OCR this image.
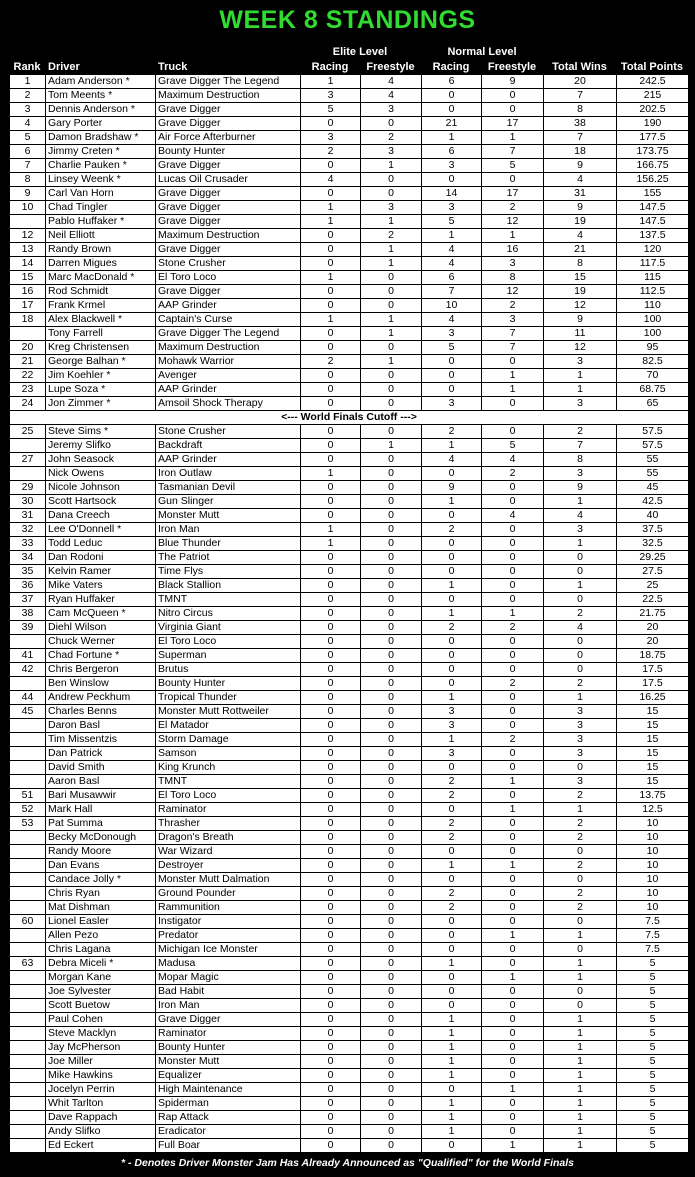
WEEK 8 STANDINGS
Elite Level	Normal Level
Rank Driver	Truck	Racing	Freestyle	Racing	Freestyle	Total Wins	Total Points
1	Adam Anderson *	Grave Digger The Legend	1	4	6	9	20	242.5
2	Tom Meents *	Maximum Destruction	3	4	0	0	7	215
3	Dennis Anderson *	Grave Digger	5	3	0	0	8	202.5
4	Gary Porter	Grave Digger	0	0	21	17	38	190
5	Damon Bradshaw *	Air Force Afterburner	3	2	1	1	7	177.5
6	Jimmy Creten *	Bounty Hunter	2	3	6	7	18	173.75
7	Charlie Pauken *	Grave Digger	0	1	3	5	9	166.75
8	Linsey Weenk *	Lucas Oil Crusader	4	0	0	0	4	156.25
9	Carl Van Horn	Grave Digger	0	0	14	17	31	155
10	Chad Tingler	Grave Digger	1	3	3	2	9	147.5
	Pablo Huffaker *	Grave Digger	1	1	5	12	19	147.5
12	Neil Elliott	Maximum Destruction	0	2	1	1	4	137.5
13	Randy Brown	Grave Digger	0	1	4	16	21	120
14	Darren Migues	Stone Crusher	0	1	4	3	8	117.5
15	Marc MacDonald *	El Toro Loco	1	0	6	8	15	115
16	Rod Schmidt	Grave Digger	0	0	7	12	19	112.5
17	Frank Krmel	AAP Grinder	0	0	10	2	12	110
18	Alex Blackwell *	Captain's Curse	1	1	4	3	9	100
	Tony Farrell	Grave Digger The Legend	0	1	3	7	11	100
20	Kreg Christensen	Maximum Destruction	0	0	5	7	12	95
21	George Balhan *	Mohawk Warrior	2	1	0	0	3	82.5
22	Jim Koehler *	Avenger	0	0	0	1	1	70
23	Lupe Soza *	AAP Grinder	0	0	0	1	1	68.75
24	Jon Zimmer *	Amsoil Shock Therapy	0	0	3	0	3	65
<--- World Finals Cutoff --->								
25	Steve Sims *	Stone Crusher	0	0	2	0	2	57.5
	Jeremy Slifko	Backdraft	0	1	1	5	7	57.5
27	John Seasock	AAP Grinder	0	0	4	4	8	55
	Nick Owens	Iron Outlaw	1	0	0	2	3	55
29	Nicole Johnson	Tasmanian Devil	0	0	9	0	9	45
30	Scott Hartsock	Gun Slinger	0	0	1	0	1	42.5
31	Dana Creech	Monster Mutt	0	0	0	4	4	40
32	Lee O'Donnell *	Iron Man	1	0	2	0	3	37.5
33	Todd Leduc	Blue Thunder	1	0	0	0	1	32.5
34	Dan Rodoni	The Patriot	0	0	0	0	0	29.25
35	Kelvin Ramer	Time Flys	0	0	0	0	0	27.5
36	Mike Vaters	Black Stallion	0	0	1	0	1	25
37	Ryan Huffaker	TMNT	0	0	0	0	0	22.5
38	Cam McQueen *	Nitro Circus	0	0	1	1	2	21.75
39	Diehl Wilson	Virginia Giant	0	0	2	2	4	20
	Chuck Werner	El Toro Loco	0	0	0	0	0	20
41	Chad Fortune *	Superman	0	0	0	0	0	18.75
42	Chris Bergeron	Brutus	0	0	0	0	0	17.5
	Ben Winslow	Bounty Hunter	0	0	0	2	2	17.5
44	Andrew Peckhum	Tropical Thunder	0	0	1	0	1	16.25
45	Charles Benns	Monster Mutt Rottweiler	0	0	3	0	3	15
	Daron Basl	El Matador	0	0	3	0	3	15
	Tim Missentzis	Storm Damage	0	0	1	2	3	15
	Dan Patrick	Samson	0	0	3	0	3	15
	David Smith	King Krunch	0	0	0	0	0	15
	Aaron Basl	TMNT	0	0	2	1	3	15
51	Bari Musawwir	El Toro Loco	0	0	2	0	2	13.75
52	Mark Hall	Raminator	0	0	0	1	1	12.5
53	Pat Summa	Thrasher	0	0	2	0	2	10
	Becky McDonough	Dragon's Breath	0	0	2	0	2	10
	Randy Moore	War Wizard	0	0	0	0	0	10
	Dan Evans	Destroyer	0	0	1	1	2	10
	Candace Jolly *	Monster Mutt Dalmation	0	0	0	0	0	10
	Chris Ryan	Ground Pounder	0	0	2	0	2	10
	Mat Dishman	Rammunition	0	0	2	0	2	10
60	Lionel Easler	Instigator	0	0	0	0	0	7.5
	Allen Pezo	Predator	0	0	0	1	1	7.5
	Chris Lagana	Michigan Ice Monster	0	0	0	0	0	7.5
63	Debra Miceli *	Madusa	0	0	1	0	1	5
	Morgan Kane	Mopar Magic	0	0	0	1	1	5
	Joe Sylvester	Bad Habit	0	0	0	0	0	5
	Scott Buetow	Iron Man	0	0	0	0	0	5
	Paul Cohen	Grave Digger	0	0	1	0	1	5
	Steve Macklyn	Raminator	0	0	1	0	1	5
	Jay McPherson	Bounty Hunter	0	0	1	0	1	5
	Joe Miller	Monster Mutt	0	0	1	0	1	5
	Mike Hawkins	Equalizer	0	0	1	0	1	5
	Jocelyn Perrin	High Maintenance	0	0	0	1	1	5
	Whit Tarlton	Spiderman	0	0	1	0	1	5
	Dave Rappach	Rap Attack	0	0	1	0	1	5
	Andy Slifko	Eradicator	0	0	1	0	1	5
	Ed Eckert	Full Boar	0	0	0	1	1	5
* - Denotes Driver Monster Jam Has Already Announced as "Qualified" for the World Finals
